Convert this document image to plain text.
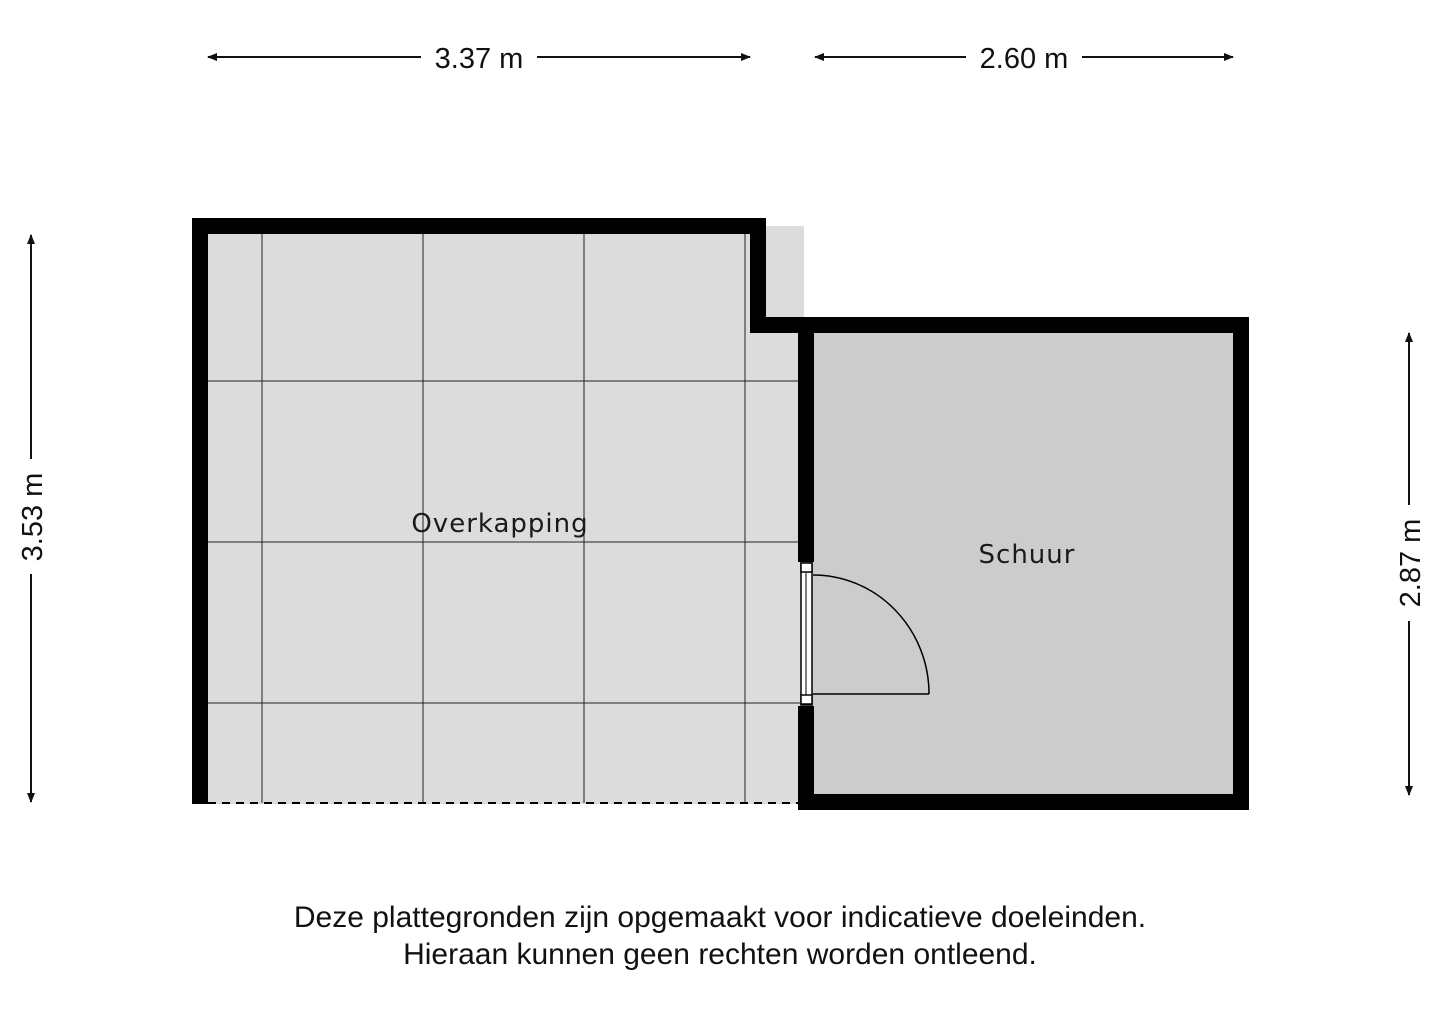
3.37 m	2.60 m
3.53 m
2.87 m
Overkapping
Schuur
Deze plattegronden zijn opgemaakt voor indicatieve doeleinden.
Hieraan kunnen geen rechten worden ontleend.
